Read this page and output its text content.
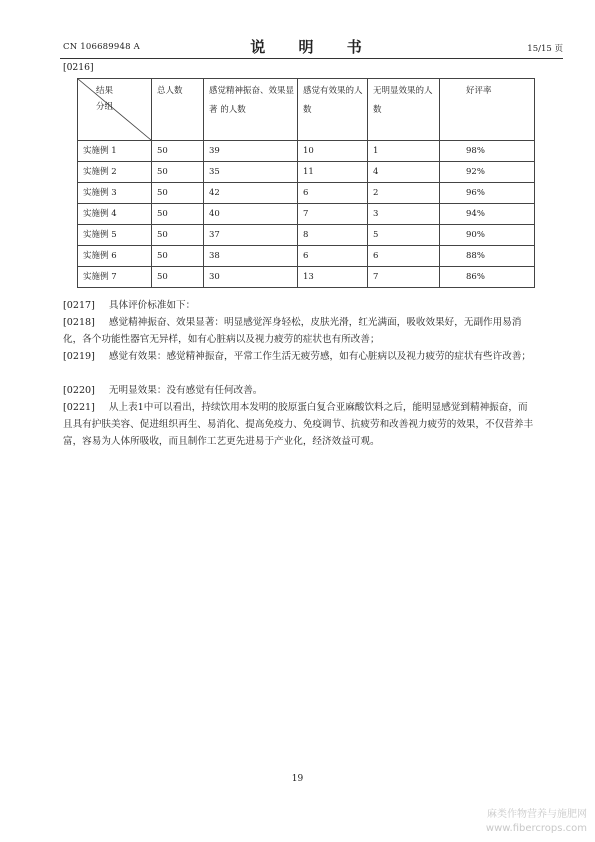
CN 106689948 A	说 明 书	15/15 页
[0216]
结果
分组	总人数	感觉精神振奋、效果显著 的人数	感觉有效果的人数	无明显效果的人数	好评率
实施例 1	50	39	10	1	98%
实施例 2	50	35	11	4	92%
实施例 3	50	42	6	2	96%
实施例 4	50	40	7	3	94%
实施例 5	50	37	8	5	90%
实施例 6	50	38	6	6	88%
实施例 7	50	30	13	7	86%
[0217] 具体评价标准如下：
[0218] 感觉精神振奋、效果显著：明显感觉浑身轻松，皮肤光滑，红光满面，吸收效果好，无副作用易消化，各个功能性器官无异样，如有心脏病以及视力疲劳的症状也有所改善；
[0219] 感觉有效果：感觉精神振奋，平常工作生活无疲劳感，如有心脏病以及视力疲劳的症状有些许改善；
[0220] 无明显效果：没有感觉有任何改善。
[0221] 从上表1中可以看出，持续饮用本发明的胶原蛋白复合亚麻酸饮料之后，能明显感觉到精神振奋，而且具有护肤美容、促进组织再生、易消化、提高免疫力、免疫调节、抗疲劳和改善视力疲劳的效果，不仅营养丰富，容易为人体所吸收，而且制作工艺更先进易于产业化，经济效益可观。
19
麻类作物营养与施肥网
www.fibercrops.com
